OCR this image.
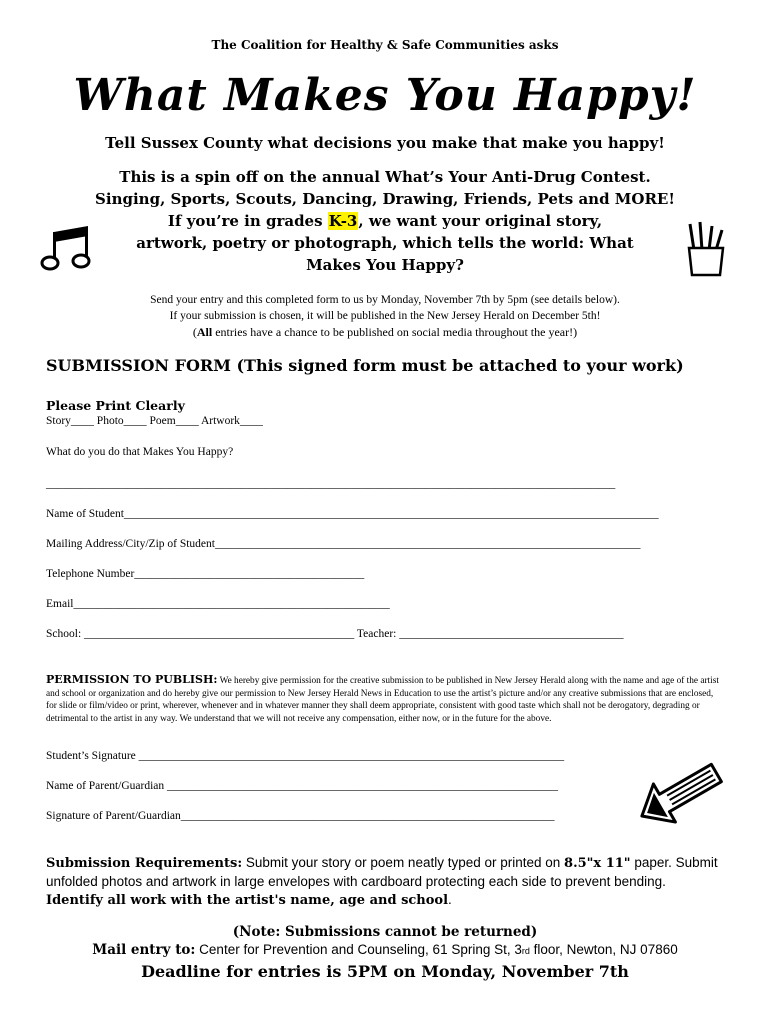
The Coalition for Healthy & Safe Communities asks
What Makes You Happy!
Tell Sussex County what decisions you make that make you happy!
This is a spin off on the annual What’s Your Anti-Drug Contest.
Singing, Sports, Scouts, Dancing, Drawing, Friends, Pets and MORE!
If you’re in grades K-3, we want your original story,
artwork, poetry or photograph, which tells the world: What
Makes You Happy?
Send your entry and this completed form to us by Monday, November 7th by 5pm (see details below).
If your submission is chosen, it will be published in the New Jersey Herald on December 5th!
(All entries have a chance to be published on social media throughout the year!)
SUBMISSION FORM (This signed form must be attached to your work)
Please Print Clearly
Story____ Photo____ Poem____ Artwork____
What do you do that Makes You Happy?
___________________________________________________________________________________________________
Name of Student_____________________________________________________________________________________________
Mailing Address/City/Zip of Student__________________________________________________________________________
Telephone Number________________________________________
Email_______________________________________________________
School: _______________________________________________ Teacher: _______________________________________
PERMISSION TO PUBLISH: We hereby give permission for the creative submission to be published in New Jersey Herald along with the name and age of the artist and school or organization and do hereby give our permission to New Jersey Herald News in Education to use the artist’s picture and/or any creative submissions that are enclosed, for slide or film/video or print, wherever, whenever and in whatever manner they shall deem appropriate, consistent with good taste which shall not be derogatory, degrading or detrimental to the artist in any way. We understand that we will not receive any compensation, either now, or in the future for the above.
Student’s Signature __________________________________________________________________________
Name of Parent/Guardian ____________________________________________________________________
Signature of Parent/Guardian_________________________________________________________________
Submission Requirements: Submit your story or poem neatly typed or printed on 8.5"x 11" paper. Submit unfolded photos and artwork in large envelopes with cardboard protecting each side to prevent bending. Identify all work with the artist's name, age and school.
(Note: Submissions cannot be returned)
Mail entry to: Center for Prevention and Counseling, 61 Spring St, 3rd floor, Newton, NJ 07860
Deadline for entries is 5PM on Monday, November 7th
